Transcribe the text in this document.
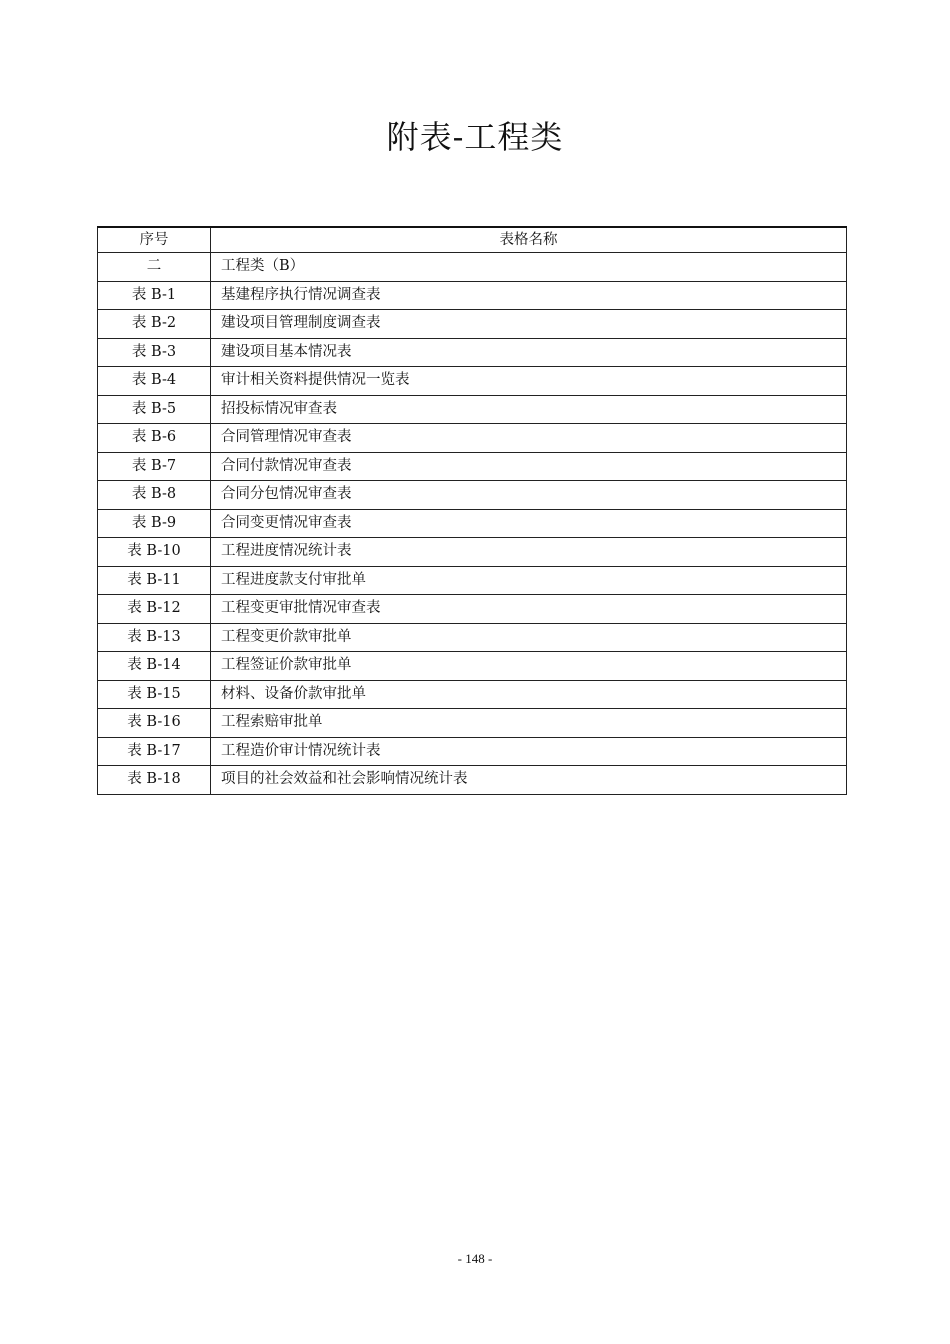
附表-工程类
序号	表格名称
二	工程类（B）
表 B-1	基建程序执行情况调查表
表 B-2	建设项目管理制度调查表
表 B-3	建设项目基本情况表
表 B-4	审计相关资料提供情况一览表
表 B-5	招投标情况审查表
表 B-6	合同管理情况审查表
表 B-7	合同付款情况审查表
表 B-8	合同分包情况审查表
表 B-9	合同变更情况审查表
表 B-10	工程进度情况统计表
表 B-11	工程进度款支付审批单
表 B-12	工程变更审批情况审查表
表 B-13	工程变更价款审批单
表 B-14	工程签证价款审批单
表 B-15	材料、设备价款审批单
表 B-16	工程索赔审批单
表 B-17	工程造价审计情况统计表
表 B-18	项目的社会效益和社会影响情况统计表
- 148 -
